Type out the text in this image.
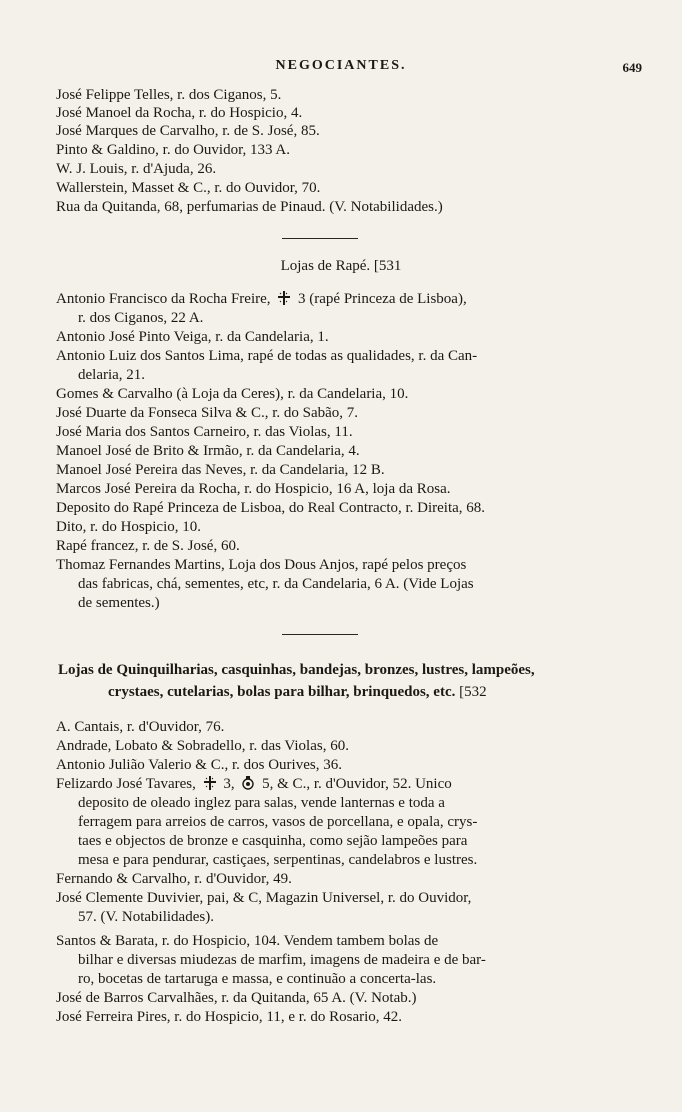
NEGOCIANTES.	649
José Felippe Telles, r. dos Ciganos, 5.
José Manoel da Rocha, r. do Hospicio, 4.
José Marques de Carvalho, r. de S. José, 85.
Pinto & Galdino, r. do Ouvidor, 133 A.
W. J. Louis, r. d'Ajuda, 26.
Wallerstein, Masset & C., r. do Ouvidor, 70.
Rua da Quitanda, 68, perfumarias de Pinaud. (V. Notabilidades.)
Lojas de Rapé. [531
Antonio Francisco da Rocha Freire, 3 (rapé Princeza de Lisboa),
r. dos Ciganos, 22 A.
Antonio José Pinto Veiga, r. da Candelaria, 1.
Antonio Luiz dos Santos Lima, rapé de todas as qualidades, r. da Can-
delaria, 21.
Gomes & Carvalho (à Loja da Ceres), r. da Candelaria, 10.
José Duarte da Fonseca Silva & C., r. do Sabão, 7.
José Maria dos Santos Carneiro, r. das Violas, 11.
Manoel José de Brito & Irmão, r. da Candelaria, 4.
Manoel José Pereira das Neves, r. da Candelaria, 12 B.
Marcos José Pereira da Rocha, r. do Hospicio, 16 A, loja da Rosa.
Deposito do Rapé Princeza de Lisboa, do Real Contracto, r. Direita, 68.
Dito, r. do Hospicio, 10.
Rapé francez, r. de S. José, 60.
Thomaz Fernandes Martins, Loja dos Dous Anjos, rapé pelos preços
das fabricas, chá, sementes, etc, r. da Candelaria, 6 A. (Vide Lojas
de sementes.)
Lojas de Quinquilharias, casquinhas, bandejas, bronzes, lustres, lampeões,
crystaes, cutelarias, bolas para bilhar, brinquedos, etc. [532
A. Cantais, r. d'Ouvidor, 76.
Andrade, Lobato & Sobradello, r. das Violas, 60.
Antonio Julião Valerio & C., r. dos Ourives, 36.
Felizardo José Tavares, 3, 5, & C., r. d'Ouvidor, 52. Unico
deposito de oleado inglez para salas, vende lanternas e toda a
ferragem para arreios de carros, vasos de porcellana, e opala, crys-
taes e objectos de bronze e casquinha, como sejão lampeões para
mesa e para pendurar, castiçaes, serpentinas, candelabros e lustres.
Fernando & Carvalho, r. d'Ouvidor, 49.
José Clemente Duvivier, pai, & C, Magazin Universel, r. do Ouvidor,
57. (V. Notabilidades).
Santos & Barata, r. do Hospicio, 104. Vendem tambem bolas de
bilhar e diversas miudezas de marfim, imagens de madeira e de bar-
ro, bocetas de tartaruga e massa, e continuão a concerta-las.
José de Barros Carvalhães, r. da Quitanda, 65 A. (V. Notab.)
José Ferreira Pires, r. do Hospicio, 11, e r. do Rosario, 42.
